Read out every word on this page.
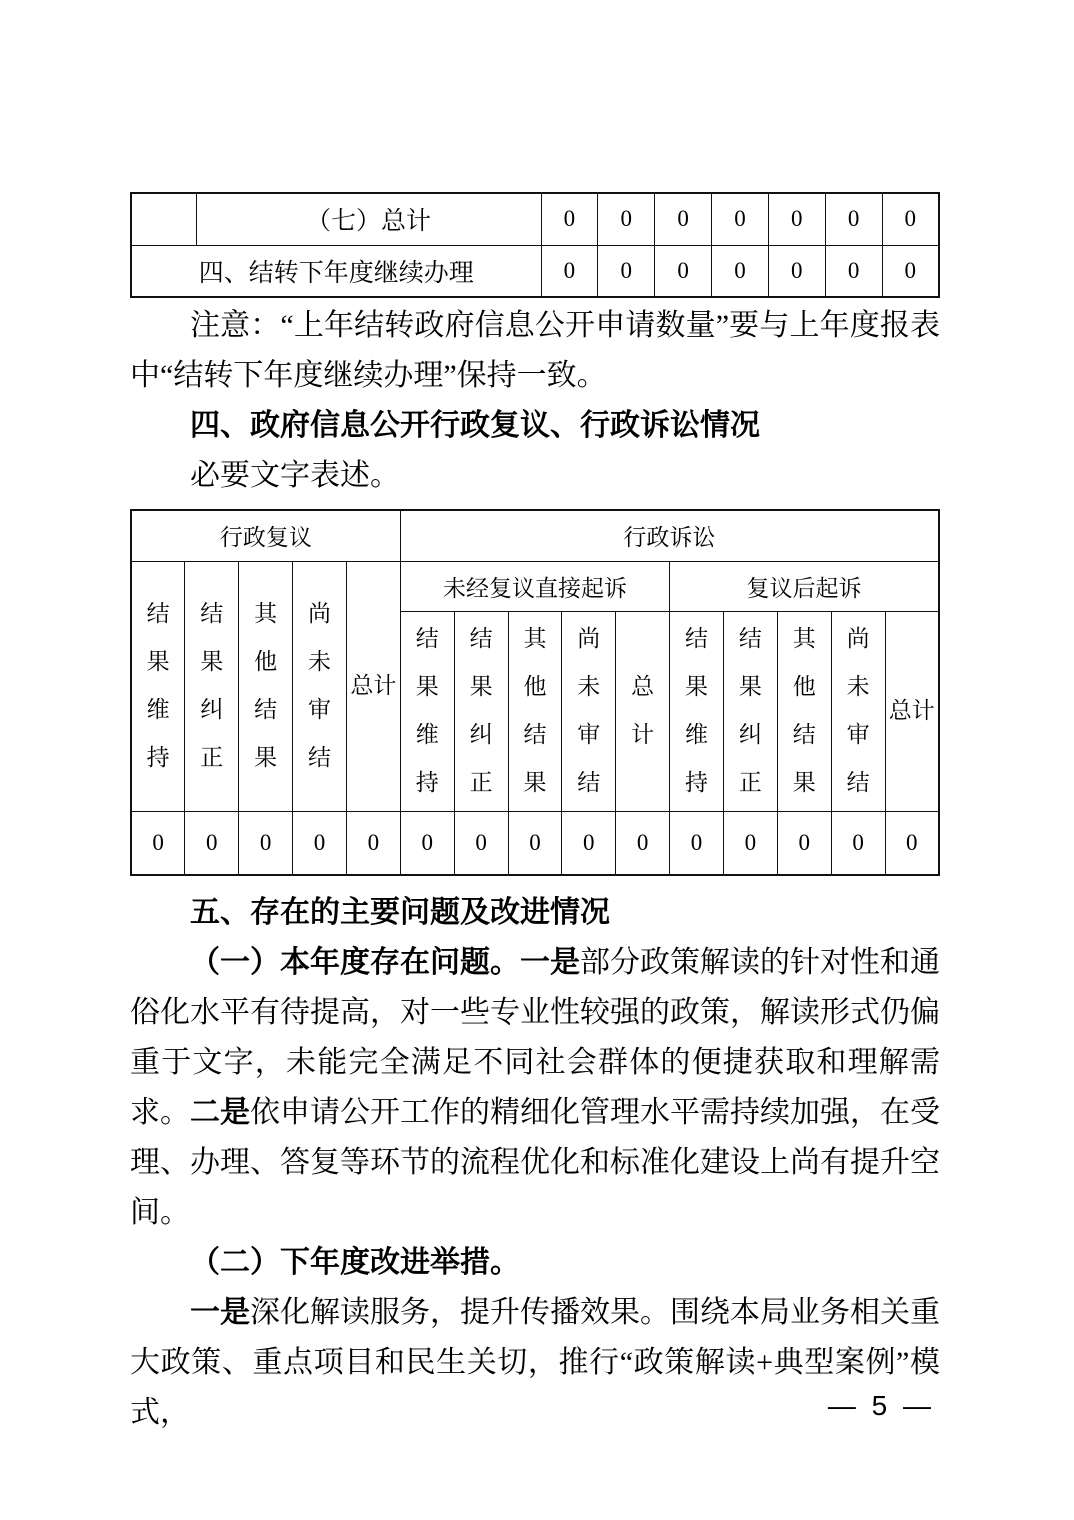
	（七）总计	0	0	0	0	0	0	0
四、结转下年度继续办理		0	0	0	0	0	0	0

注意：“上年结转政府信息公开申请数量”要与上年度报表中“结转下年度继续办理”保持一致。

四、政府信息公开行政复议、行政诉讼情况

必要文字表述。

行政复议					行政诉讼									
结果维持	结果纠正	其他结果	尚未审结	总计	未经复议直接起诉					复议后起诉				
					结果维持	结果纠正	其他结果	尚未审结	总计	结果维持	结果纠正	其他结果	尚未审结	总计
0	0	0	0	0	0	0	0	0	0	0	0	0	0	0
五、存在的主要问题及改进情况

（一）本年度存在问题。一是部分政策解读的针对性和通俗化水平有待提高，对一些专业性较强的政策，解读形式仍偏重于文字，未能完全满足不同社会群体的便捷获取和理解需求。二是依申请公开工作的精细化管理水平需持续加强，在受理、办理、答复等环节的流程优化和标准化建设上尚有提升空间。

（二）下年度改进举措。

一是深化解读服务，提升传播效果。围绕本局业务相关重大政策、重点项目和民生关切，推行“政策解读+典型案例”模式，	— 5 —
